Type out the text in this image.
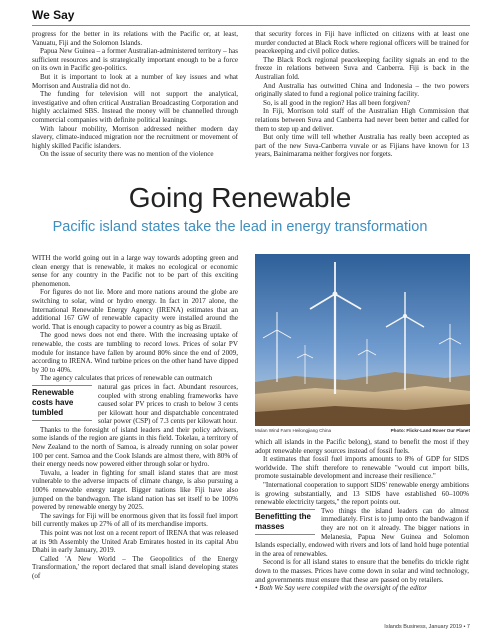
We Say

progress for the better in its relations with the Pacific or, at least, Vanuatu, Fiji and the Solomon Islands.

Papua New Guinea – a former Australian-administered territory – has sufficient resources and is strategically important enough to be a force on its own in Pacific geo-politics.

But it is important to look at a number of key issues and what Morrison and Australia did not do.

The funding for television will not support the analytical, investigative and often critical Australian Broadcasting Corporation and highly acclaimed SBS. Instead the money will be channelled through commercial companies with definite political leanings.

With labour mobility, Morrison addressed neither modern day slavery, climate-induced migration nor the recruitment or movement of highly skilled Pacific islanders.

On the issue of security there was no mention of the violence

that security forces in Fiji have inflicted on citizens with at least one murder conducted at Black Rock where regional officers will be trained for peacekeeping and civil police duties.

The Black Rock regional peacekeeping facility signals an end to the freeze in relations between Suva and Canberra. Fiji is back in the Australian fold.

And Australia has outwitted China and Indonesia – the two powers originally slated to fund a regional police training facility.

So, is all good in the region? Has all been forgiven?

In Fiji, Morrison told staff of the Australian High Commission that relations between Suva and Canberra had never been better and called for them to step up and deliver.

But only time will tell whether Australia has really been accepted as part of the new Suva-Canberra vuvale or as Fijians have known for 13 years, Bainimarama neither forgives nor forgets.

Going Renewable
Pacific island states take the lead in energy transformation

WITH the world going out in a large way towards adopting green and clean energy that is renewable, it makes no ecological or economic sense for any country in the Pacific not to be part of this exciting phenomenon.

For figures do not lie. More and more nations around the globe are switching to solar, wind or hydro energy. In fact in 2017 alone, the International Renewable Energy Agency (IRENA) estimates that an additional 167 GW of renewable capacity were installed around the world. That is enough capacity to power a country as big as Brazil.

The good news does not end there. With the increasing uptake of renewable, the costs are tumbling to record lows. Prices of solar PV module for instance have fallen by around 80% since the end of 2009, according to IRENA. Wind turbine prices on the other hand have dipped by 30 to 40%.

The agency calculates that prices of renewable can outmatch

Renewable costs have tumbled

natural gas prices in fact. Abundant resources, coupled with strong enabling frameworks have caused solar PV prices to crash to below 3 cents per kilowatt hour and dispatchable concentrated solar power (CSP) of 7.3 cents per kilowatt hour.

Thanks to the foresight of island leaders and their policy advisers, some islands of the region are giants in this field. Tokelau, a territory of New Zealand to the north of Samoa, is already running on solar power 100 per cent. Samoa and the Cook Islands are almost there, with 80% of their energy needs now powered either through solar or hydro.

Tuvalu, a leader in fighting for small island states that are most vulnerable to the adverse impacts of climate change, is also pursuing a 100% renewable energy target. Bigger nations like Fiji have also jumped on the bandwagon. The island nation has set itself to be 100% powered by renewable energy by 2025.

The savings for Fiji will be enormous given that its fossil fuel import bill currently makes up 27% of all of its merchandise imports.

This point was not lost on a recent report of IRENA that was released at its 9th Assembly the United Arab Emirates hosted in its capital Abu Dhabi in early January, 2019.

Called 'A New World – The Geopolitics of the Energy Transformation,' the report declared that small island developing states (of

Mulan Wind Farm Heilongjiang China	Photo: Flickr-Land Rover Our Planet

which all islands in the Pacific belong), stand to benefit the most if they adopt renewable energy sources instead of fossil fuels.

It estimates that fossil fuel imports amounts to 8% of GDP for SIDS worldwide. The shift therefore to renewable "would cut import bills, promote sustainable development and increase their resilience."

"International cooperation to support SIDS' renewable energy ambitions is growing substantially, and 13 SIDS have established 60–100% renewable electricity targets," the report points out.

Benefitting the masses

Two things the island leaders can do almost immediately. First is to jump onto the bandwagon if they are not on it already. The bigger nations in Melanesia, Papua New Guinea and Solomon Islands especially, endowed with rivers and lots of land hold huge potential in the area of renewables.

Second is for all island states to ensure that the benefits do trickle right down to the masses. Prices have come down in solar and wind technology, and governments must ensure that these are passed on by retailers.

• Both We Say were compiled with the oversight of the editor

Islands Business, January 2019 • 7
